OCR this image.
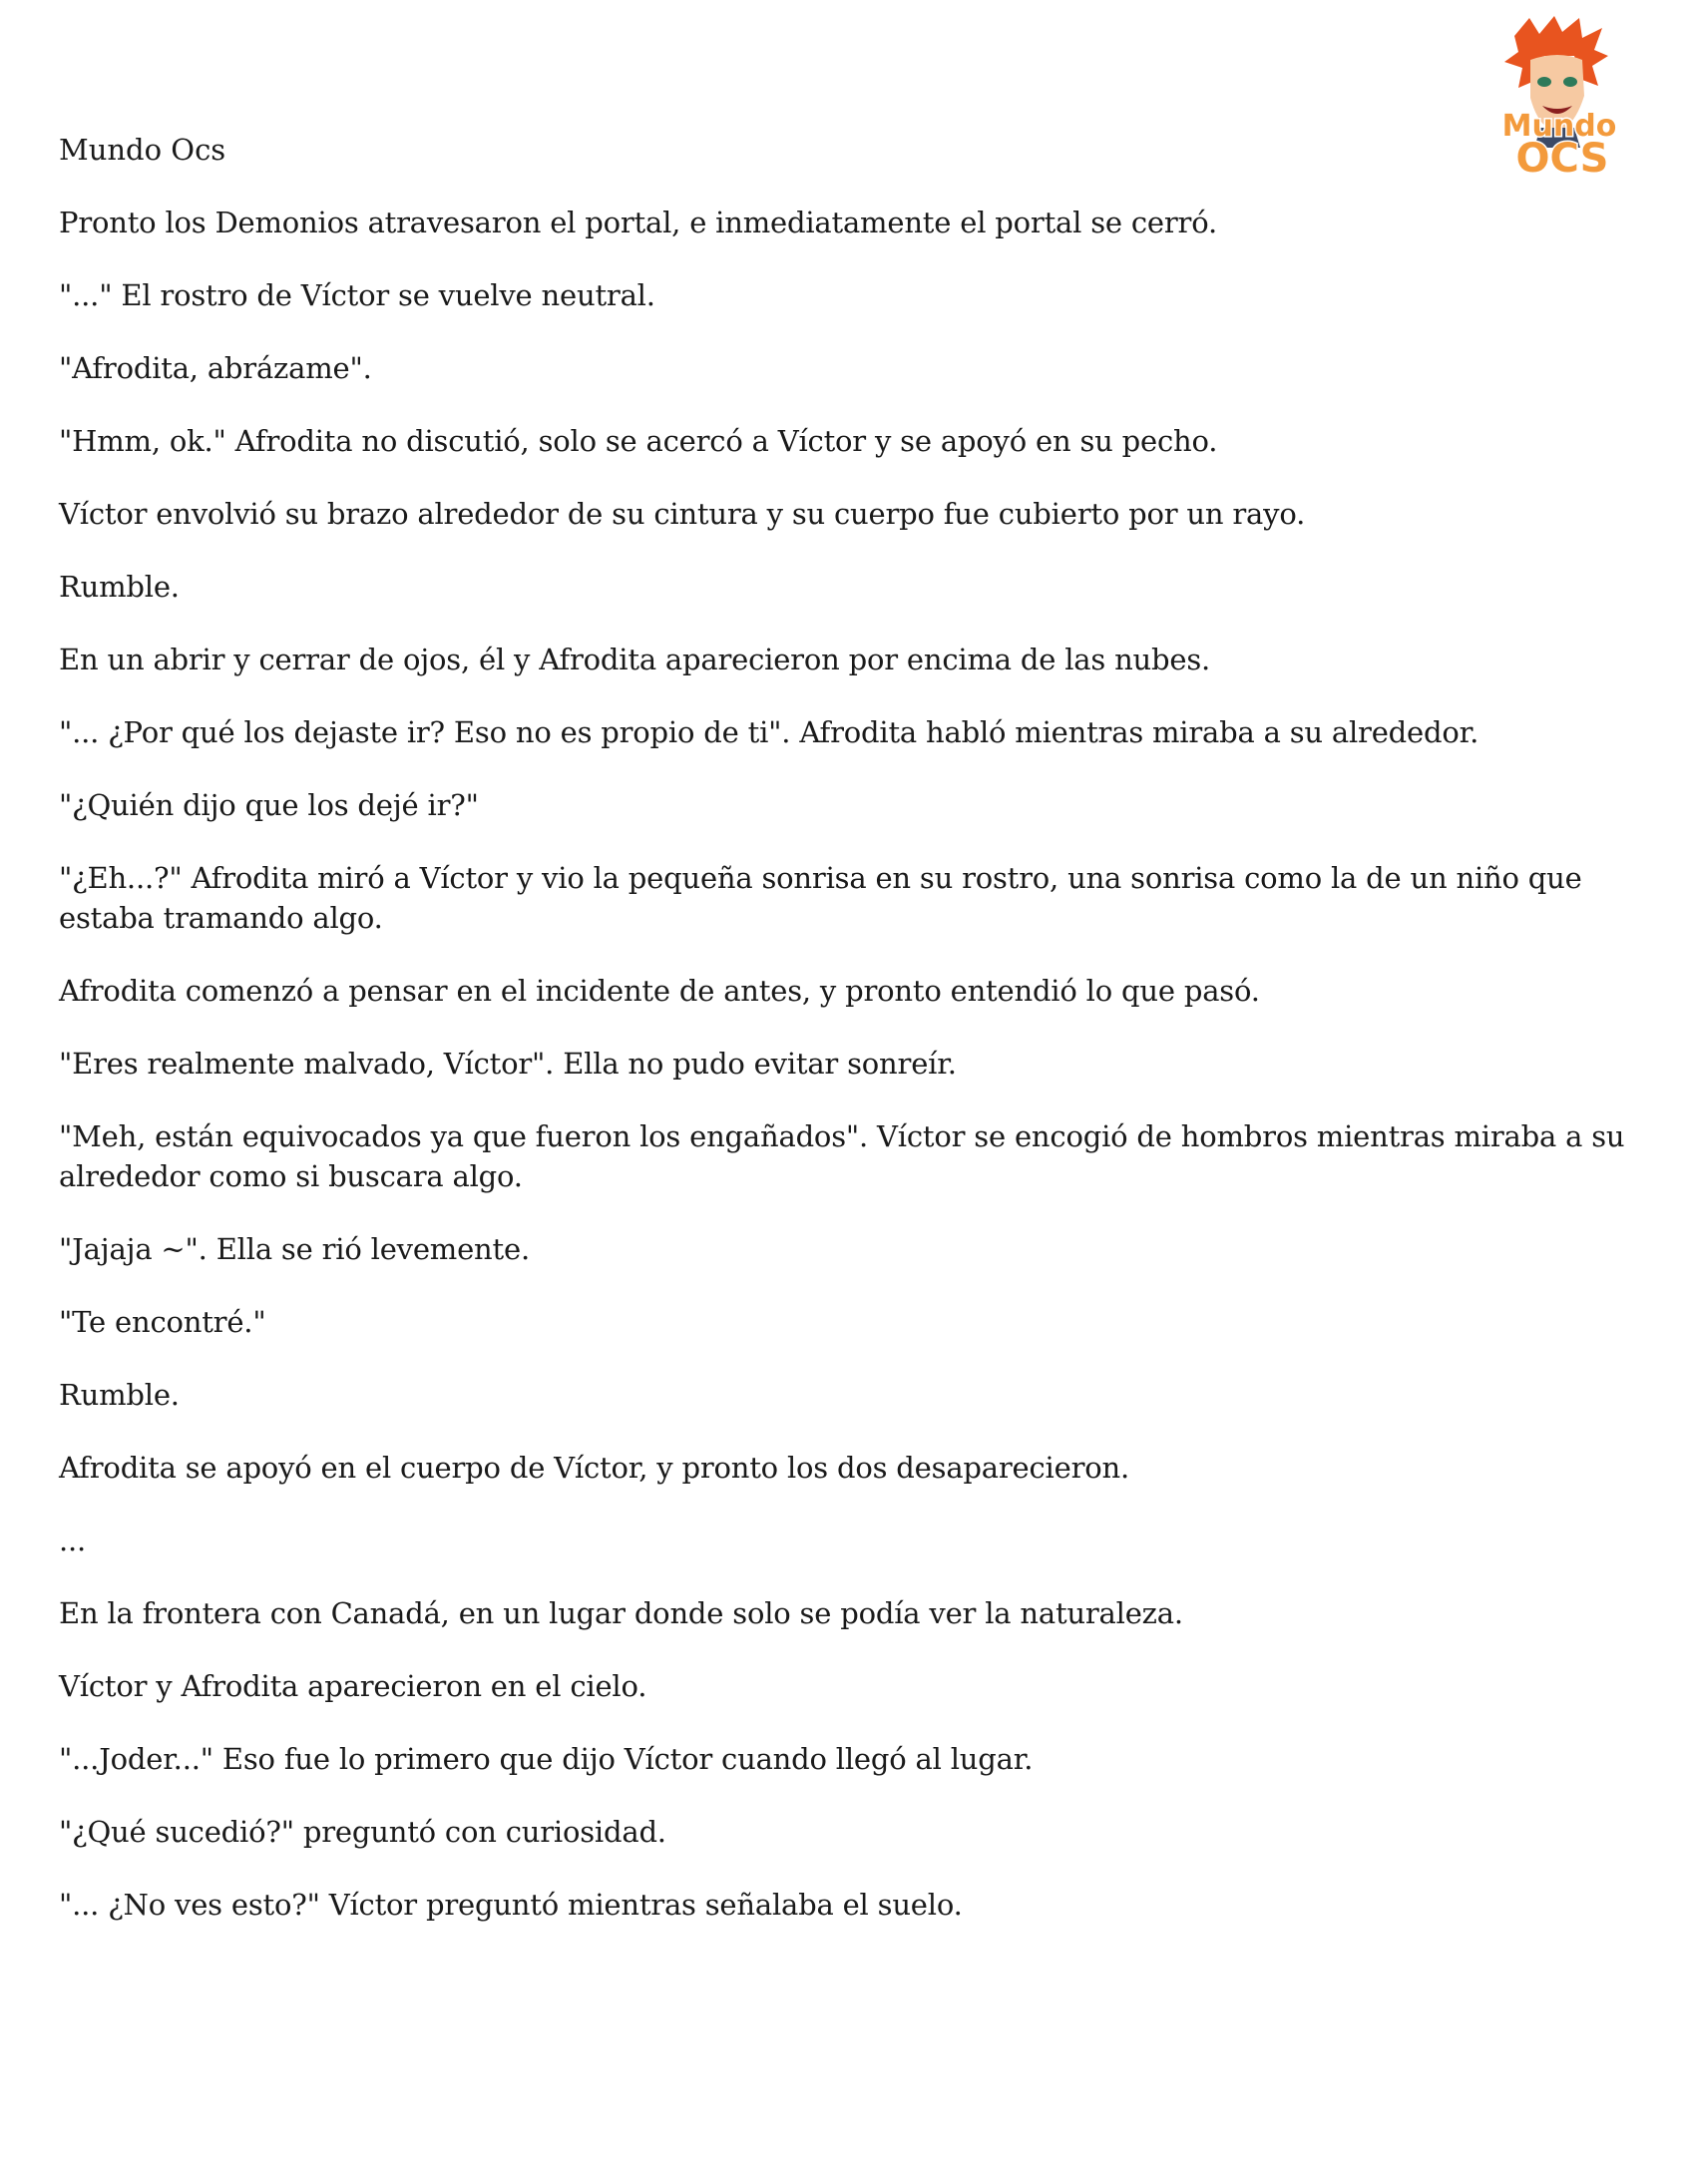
Mundo
OCS
Mundo Ocs

Pronto los Demonios atravesaron el portal, e inmediatamente el portal se cerró.

"..." El rostro de Víctor se vuelve neutral.

"Afrodita, abrázame".

"Hmm, ok." Afrodita no discutió, solo se acercó a Víctor y se apoyó en su pecho.

Víctor envolvió su brazo alrededor de su cintura y su cuerpo fue cubierto por un rayo.

Rumble.

En un abrir y cerrar de ojos, él y Afrodita aparecieron por encima de las nubes.

"... ¿Por qué los dejaste ir? Eso no es propio de ti". Afrodita habló mientras miraba a su alrededor.

"¿Quién dijo que los dejé ir?"

"¿Eh...?" Afrodita miró a Víctor y vio la pequeña sonrisa en su rostro, una sonrisa como la de un niño que estaba tramando algo.

Afrodita comenzó a pensar en el incidente de antes, y pronto entendió lo que pasó.

"Eres realmente malvado, Víctor". Ella no pudo evitar sonreír.

"Meh, están equivocados ya que fueron los engañados". Víctor se encogió de hombros mientras miraba a su alrededor como si buscara algo.

"Jajaja ~". Ella se rió levemente.

"Te encontré."

Rumble.

Afrodita se apoyó en el cuerpo de Víctor, y pronto los dos desaparecieron.

...

En la frontera con Canadá, en un lugar donde solo se podía ver la naturaleza.

Víctor y Afrodita aparecieron en el cielo.

"...Joder..." Eso fue lo primero que dijo Víctor cuando llegó al lugar.

"¿Qué sucedió?" preguntó con curiosidad.

"... ¿No ves esto?" Víctor preguntó mientras señalaba el suelo.
